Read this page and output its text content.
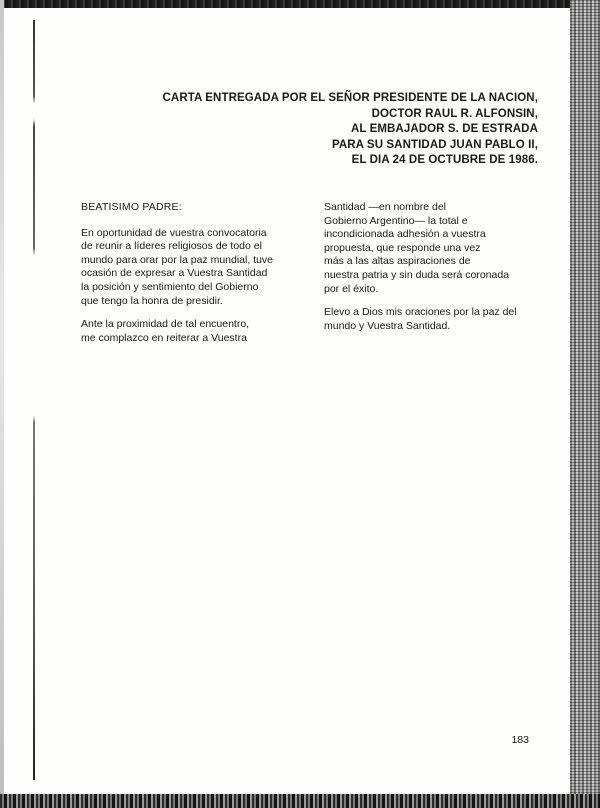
CARTA ENTREGADA POR EL SEÑOR PRESIDENTE DE LA NACION,
DOCTOR RAUL R. ALFONSIN,
AL EMBAJADOR S. DE ESTRADA
PARA SU SANTIDAD JUAN PABLO II,
EL DIA 24 DE OCTUBRE DE 1986.

BEATISIMO PADRE:

En oportunidad de vuestra convocatoria
de reunir a líderes religiosos de todo el
mundo para orar por la paz mundial, tuve
ocasión de expresar a Vuestra Santidad
la posición y sentimiento del Gobierno
que tengo la honra de presidir.

Ante la proximidad de tal encuentro,
me complazco en reiterar a Vuestra

Santidad —en nombre del
Gobierno Argentino— la total e
incondicionada adhesión a vuestra
propuesta, que responde una vez
más a las altas aspiraciones de
nuestra patria y sin duda será coronada
por el éxito.

Elevo a Dios mis oraciones por la paz del
mundo y Vuestra Santidad.

183
